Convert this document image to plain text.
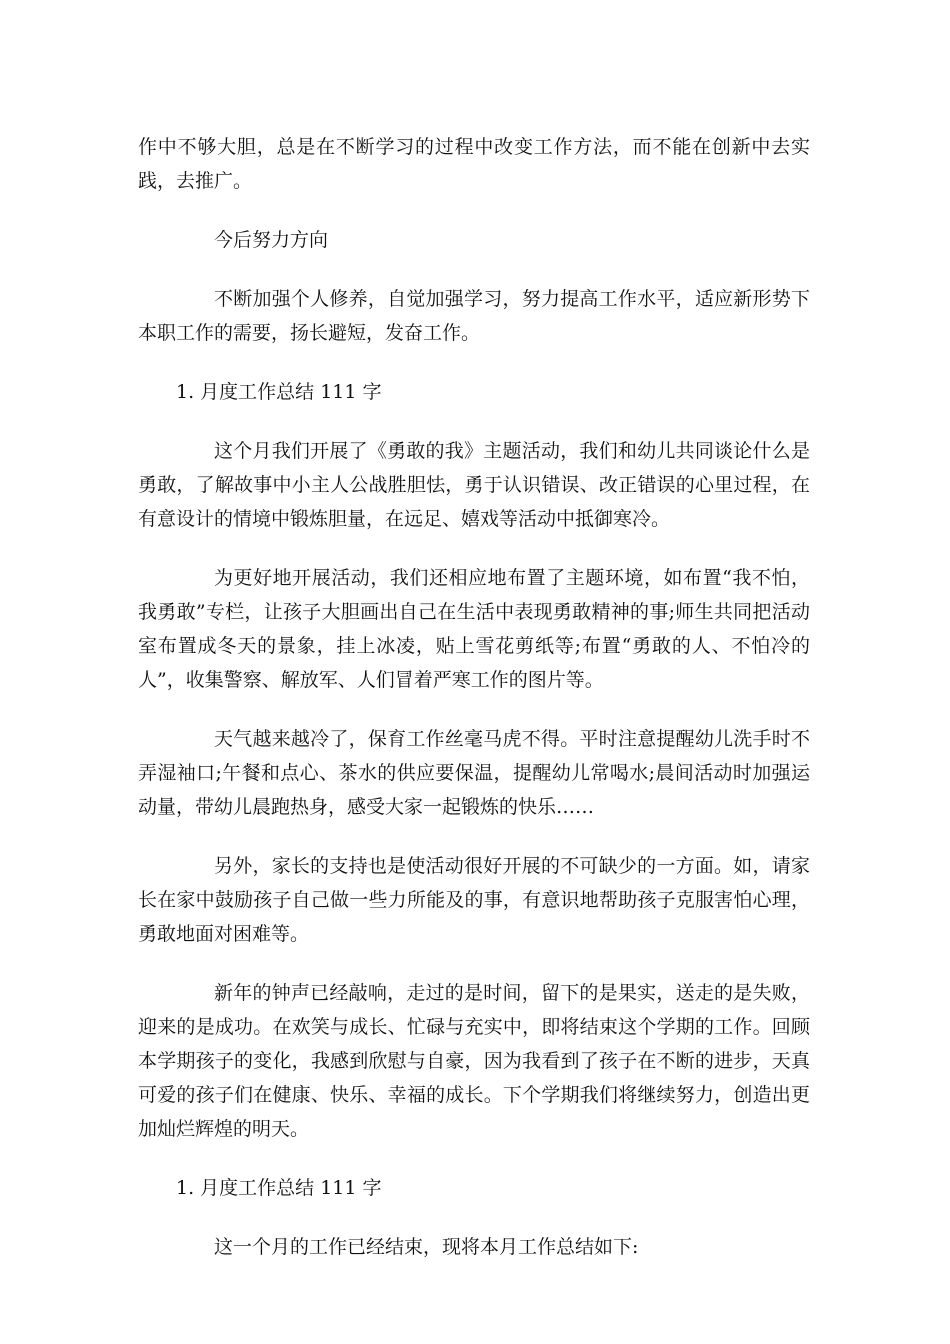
作中不够大胆，总是在不断学习的过程中改变工作方法，而不能在创新中去实践，去推广。

今后努力方向

不断加强个人修养，自觉加强学习，努力提高工作水平，适应新形势下本职工作的需要，扬长避短，发奋工作。

1. 月度工作总结 111 字

这个月我们开展了《勇敢的我》主题活动，我们和幼儿共同谈论什么是勇敢，了解故事中小主人公战胜胆怯，勇于认识错误、改正错误的心里过程，在有意设计的情境中锻炼胆量，在远足、嬉戏等活动中抵御寒冷。

为更好地开展活动，我们还相应地布置了主题环境，如布置“我不怕，我勇敢”专栏，让孩子大胆画出自己在生活中表现勇敢精神的事;师生共同把活动室布置成冬天的景象，挂上冰凌，贴上雪花剪纸等;布置“勇敢的人、不怕冷的人”，收集警察、解放军、人们冒着严寒工作的图片等。

天气越来越冷了，保育工作丝毫马虎不得。平时注意提醒幼儿洗手时不弄湿袖口;午餐和点心、茶水的供应要保温，提醒幼儿常喝水;晨间活动时加强运动量，带幼儿晨跑热身，感受大家一起锻炼的快乐……

另外，家长的支持也是使活动很好开展的不可缺少的一方面。如，请家长在家中鼓励孩子自己做一些力所能及的事，有意识地帮助孩子克服害怕心理，勇敢地面对困难等。

新年的钟声已经敲响，走过的是时间，留下的是果实，送走的是失败，迎来的是成功。在欢笑与成长、忙碌与充实中，即将结束这个学期的工作。回顾本学期孩子的变化，我感到欣慰与自豪，因为我看到了孩子在不断的进步，天真可爱的孩子们在健康、快乐、幸福的成长。下个学期我们将继续努力，创造出更加灿烂辉煌的明天。

1. 月度工作总结 111 字

这一个月的工作已经结束，现将本月工作总结如下:
